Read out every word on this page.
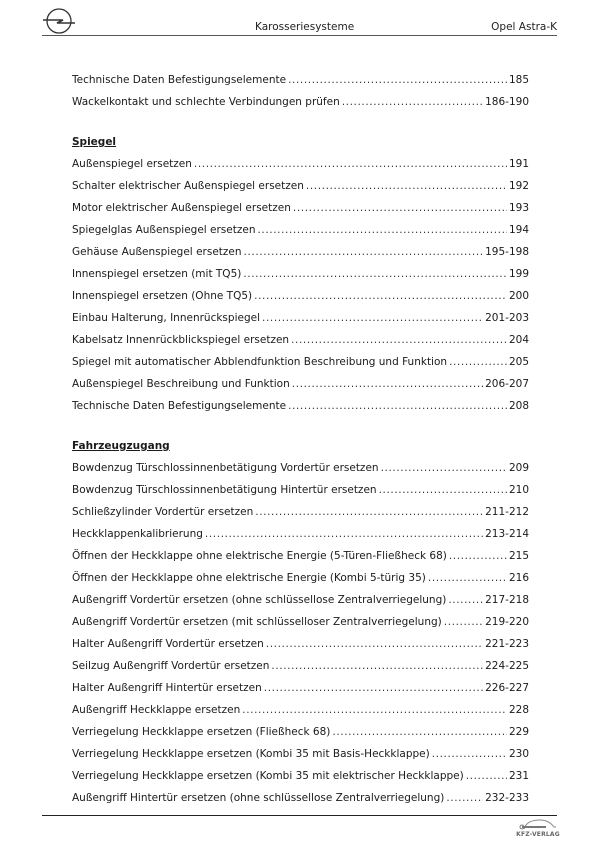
Karosseriesysteme	Opel Astra-K
Technische Daten Befestigungselemente .....	185
Wackelkontakt und schlechte Verbindungen prüfen .....	186-190
Spiegel
Außenspiegel ersetzen .....	191
Schalter elektrischer Außenspiegel ersetzen .....	192
Motor elektrischer Außenspiegel ersetzen .....	193
Spiegelglas Außenspiegel ersetzen .....	194
Gehäuse Außenspiegel ersetzen .....	195-198
Innenspiegel ersetzen (mit TQ5) .....	199
Innenspiegel ersetzen (Ohne TQ5) .....	200
Einbau Halterung, Innenrückspiegel .....	201-203
Kabelsatz Innenrückblickspiegel ersetzen .....	204
Spiegel mit automatischer Abblendfunktion Beschreibung und Funktion .....	205
Außenspiegel Beschreibung und Funktion .....	206-207
Technische Daten Befestigungselemente .....	208
Fahrzeugzugang
Bowdenzug Türschlossinnenbetätigung Vordertür ersetzen .....	209
Bowdenzug Türschlossinnenbetätigung Hintertür ersetzen .....	210
Schließzylinder Vordertür ersetzen .....	211-212
Heckklappenkalibrierung .....	213-214
Öffnen der Heckklappe ohne elektrische Energie (5-Türen-Fließheck 68) .....	215
Öffnen der Heckklappe ohne elektrische Energie (Kombi 5-türig 35) .....	216
Außengriff Vordertür ersetzen (ohne schlüssellose Zentralverriegelung) .....	217-218
Außengriff Vordertür ersetzen (mit schlüsselloser Zentralverriegelung) .....	219-220
Halter Außengriff Vordertür ersetzen .....	221-223
Seilzug Außengriff Vordertür ersetzen .....	224-225
Halter Außengriff Hintertür ersetzen .....	226-227
Außengriff Heckklappe ersetzen .....	228
Verriegelung Heckklappe ersetzen (Fließheck 68) .....	229
Verriegelung Heckklappe ersetzen (Kombi 35 mit Basis-Heckklappe) .....	230
Verriegelung Heckklappe ersetzen (Kombi 35 mit elektrischer Heckklappe) .....	231
Außengriff Hintertür ersetzen (ohne schlüssellose Zentralverriegelung) .....	232-233
KFZ-VERLAG
